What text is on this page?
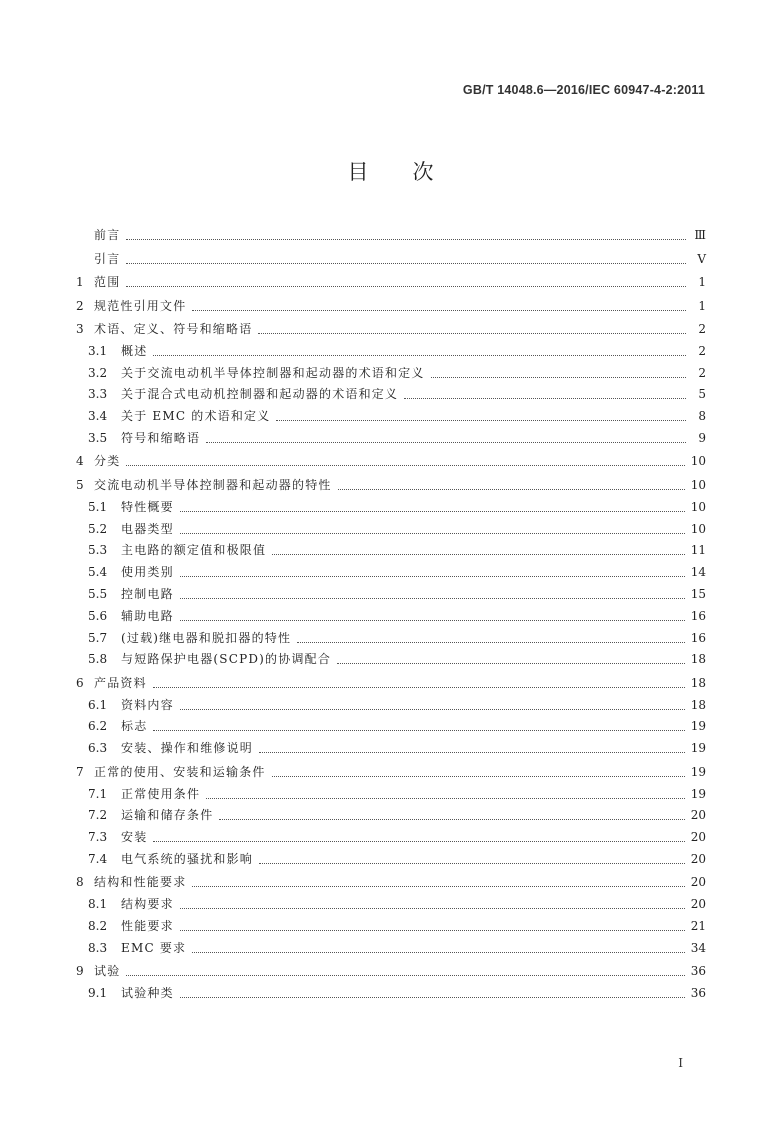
GB/T 14048.6—2016/IEC 60947-4-2:2011
目次
前言	Ⅲ
引言	Ⅴ
1 范围	1
2 规范性引用文件	1
3 术语、定义、符号和缩略语	2
3.1	概述	2
3.2	关于交流电动机半导体控制器和起动器的术语和定义	2
3.3	关于混合式电动机控制器和起动器的术语和定义	5
3.4	关于 EMC 的术语和定义	8
3.5	符号和缩略语	9
4 分类	10
5 交流电动机半导体控制器和起动器的特性	10
5.1	特性概要	10
5.2	电器类型	10
5.3	主电路的额定值和极限值	11
5.4	使用类别	14
5.5	控制电路	15
5.6	辅助电路	16
5.7	(过载)继电器和脱扣器的特性	16
5.8	与短路保护电器(SCPD)的协调配合	18
6 产品资料	18
6.1	资料内容	18
6.2	标志	19
6.3	安装、操作和维修说明	19
7 正常的使用、安装和运输条件	19
7.1	正常使用条件	19
7.2	运输和储存条件	20
7.3	安装	20
7.4	电气系统的骚扰和影响	20
8 结构和性能要求	20
8.1	结构要求	20
8.2	性能要求	21
8.3	EMC 要求	34
9 试验	36
9.1	试验种类	36
I
